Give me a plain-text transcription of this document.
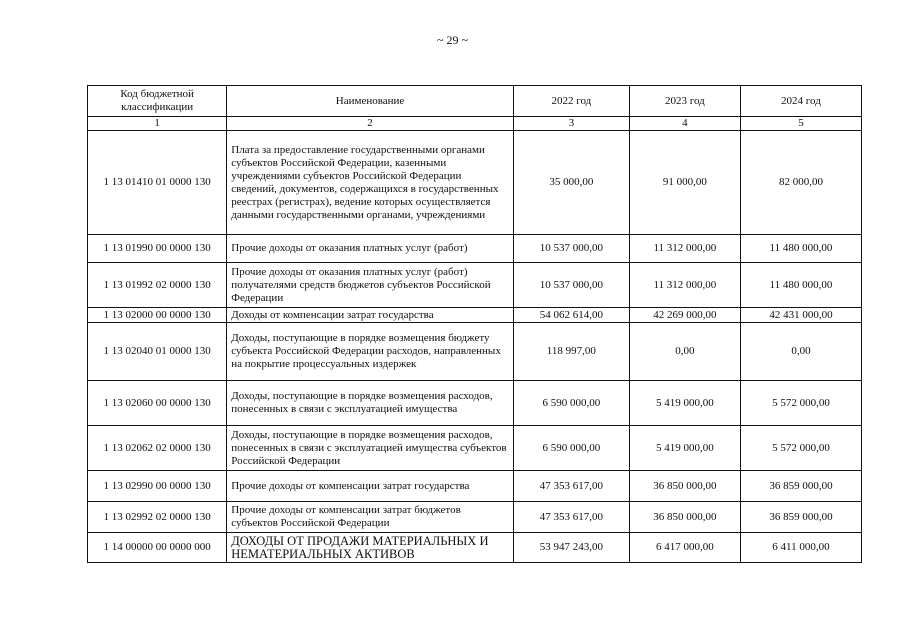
~ 29 ~
Код бюджетной классификации	Наименование	2022 год	2023 год	2024 год
1	2	3	4	5
1 13 01410 01 0000 130	Плата за предоставление государственными органами субъектов Российской Федерации, казенными учреждениями субъектов Российской Федерации сведений, документов, содержащихся в государственных реестрах (регистрах), ведение которых осуществляется данными государственными органами, учреждениями	35 000,00	91 000,00	82 000,00
1 13 01990 00 0000 130	Прочие доходы от оказания платных услуг (работ)	10 537 000,00	11 312 000,00	11 480 000,00
1 13 01992 02 0000 130	Прочие доходы от оказания платных услуг (работ) получателями средств бюджетов субъектов Российской Федерации	10 537 000,00	11 312 000,00	11 480 000,00
1 13 02000 00 0000 130	Доходы от компенсации затрат государства	54 062 614,00	42 269 000,00	42 431 000,00
1 13 02040 01 0000 130	Доходы, поступающие в порядке возмещения бюджету субъекта Российской Федерации расходов, направленных на покрытие процессуальных издержек	118 997,00	0,00	0,00
1 13 02060 00 0000 130	Доходы, поступающие в порядке возмещения расходов, понесенных в связи с эксплуатацией имущества	6 590 000,00	5 419 000,00	5 572 000,00
1 13 02062 02 0000 130	Доходы, поступающие в порядке возмещения расходов, понесенных в связи с эксплуатацией имущества субъектов Российской Федерации	6 590 000,00	5 419 000,00	5 572 000,00
1 13 02990 00 0000 130	Прочие доходы от компенсации затрат государства	47 353 617,00	36 850 000,00	36 859 000,00
1 13 02992 02 0000 130	Прочие доходы от компенсации затрат бюджетов субъектов Российской Федерации	47 353 617,00	36 850 000,00	36 859 000,00
1 14 00000 00 0000 000	ДОХОДЫ ОТ ПРОДАЖИ МАТЕРИАЛЬНЫХ И НЕМАТЕРИАЛЬНЫХ АКТИВОВ	53 947 243,00	6 417 000,00	6 411 000,00
